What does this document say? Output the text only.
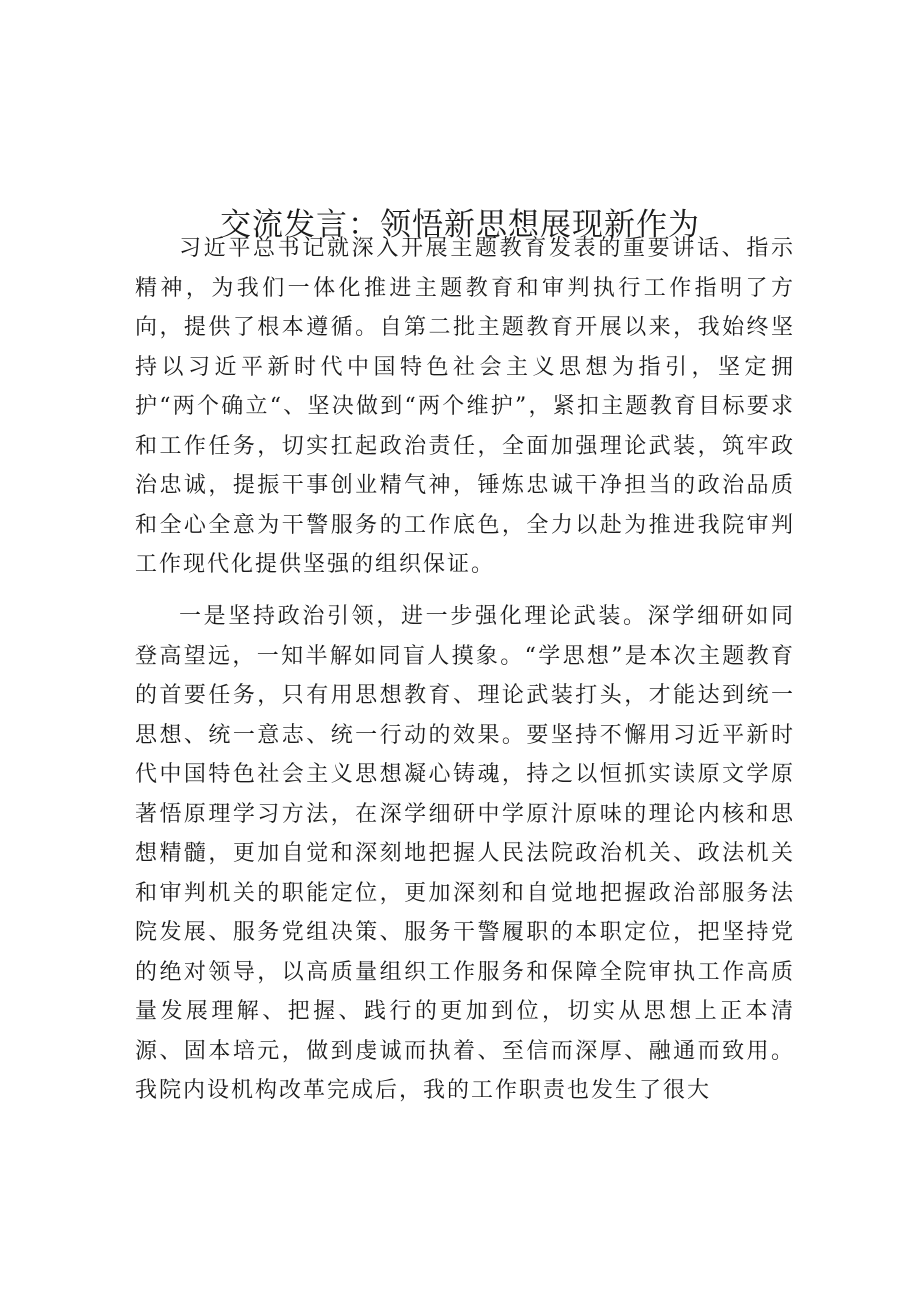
交流发言：领悟新思想展现新作为

习近平总书记就深入开展主题教育发表的重要讲话、指示精神，为我们一体化推进主题教育和审判执行工作指明了方向，提供了根本遵循。自第二批主题教育开展以来，我始终坚持以习近平新时代中国特色社会主义思想为指引，坚定拥护“两个确立“、坚决做到“两个维护”，紧扣主题教育目标要求和工作任务，切实扛起政治责任，全面加强理论武装，筑牢政治忠诚，提振干事创业精气神，锤炼忠诚干净担当的政治品质和全心全意为干警服务的工作底色，全力以赴为推进我院审判工作现代化提供坚强的组织保证。

一是坚持政治引领，进一步强化理论武装。深学细研如同登高望远，一知半解如同盲人摸象。“学思想”是本次主题教育的首要任务，只有用思想教育、理论武装打头，才能达到统一思想、统一意志、统一行动的效果。要坚持不懈用习近平新时代中国特色社会主义思想凝心铸魂，持之以恒抓实读原文学原著悟原理学习方法，在深学细研中学原汁原味的理论内核和思想精髓，更加自觉和深刻地把握人民法院政治机关、政法机关和审判机关的职能定位，更加深刻和自觉地把握政治部服务法院发展、服务党组决策、服务干警履职的本职定位，把坚持党的绝对领导，以高质量组织工作服务和保障全院审执工作高质量发展理解、把握、践行的更加到位，切实从思想上正本清源、固本培元，做到虔诚而执着、至信而深厚、融通而致用。我院内设机构改革完成后，我的工作职责也发生了很大
